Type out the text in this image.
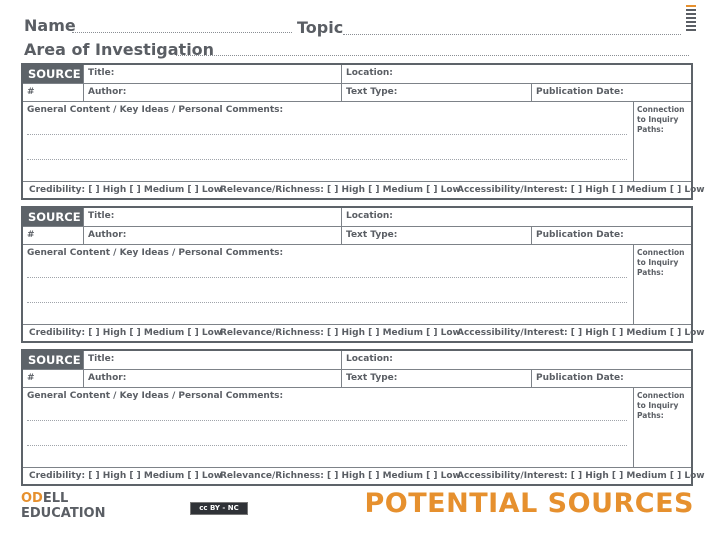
Name	Topic
Area of Investigation
SOURCE Title:	Location:
#	Author:	Text Type:	Publication Date:
General Content / Key Ideas / Personal Comments:	Connection to Inquiry Paths:
Credibility: [ ] High [ ] Medium [ ] Low
Relevance/Richness: [ ] High [ ] Medium [ ] Low
Accessibility/Interest: [ ] High [ ] Medium [ ] Low
SOURCE Title:	Location:
#	Author:	Text Type:	Publication Date:
General Content / Key Ideas / Personal Comments:	Connection to Inquiry Paths:
Credibility: [ ] High [ ] Medium [ ] Low
Relevance/Richness: [ ] High [ ] Medium [ ] Low
Accessibility/Interest: [ ] High [ ] Medium [ ] Low
SOURCE Title:	Location:
#	Author:	Text Type:	Publication Date:
General Content / Key Ideas / Personal Comments:	Connection to Inquiry Paths:
Credibility: [ ] High [ ] Medium [ ] Low
Relevance/Richness: [ ] High [ ] Medium [ ] Low
Accessibility/Interest: [ ] High [ ] Medium [ ] Low
ODELL
EDUCATION	cc BY - NC	POTENTIAL SOURCES
